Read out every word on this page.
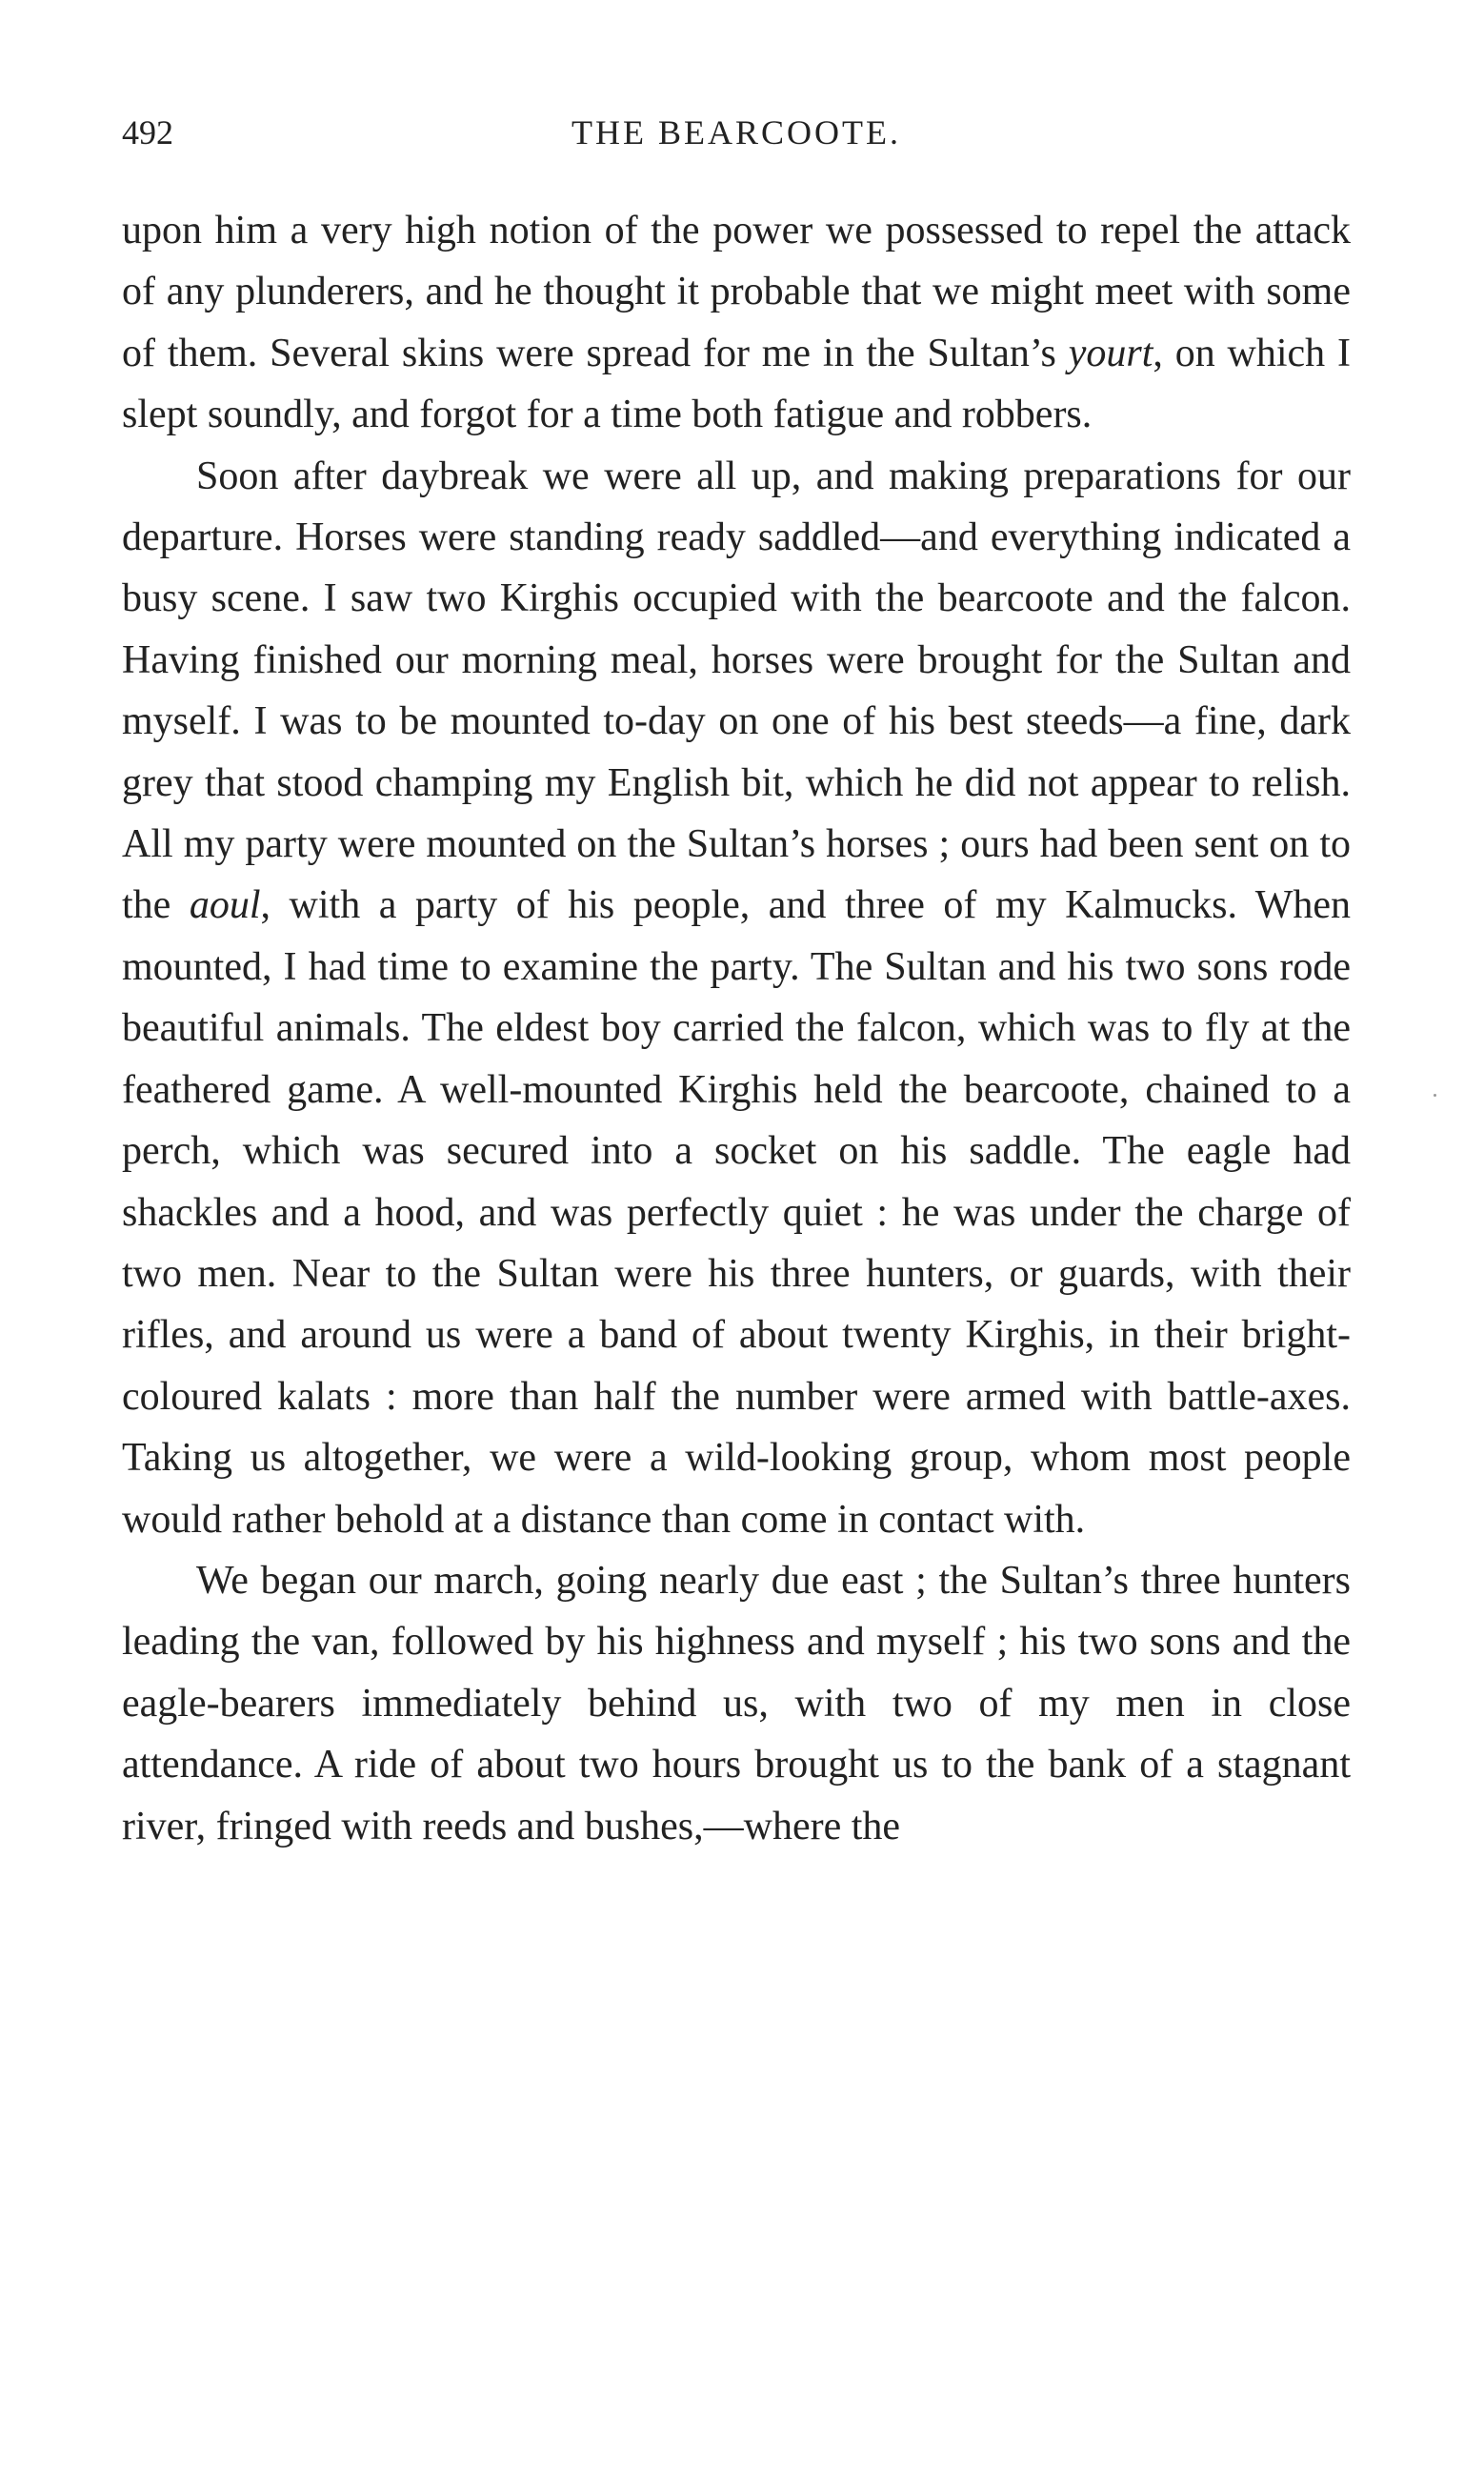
492	THE BEARCOOTE.

upon him a very high notion of the power we possessed to repel the attack of any plunderers, and he thought it probable that we might meet with some of them. Several skins were spread for me in the Sultan’s yourt, on which I slept soundly, and forgot for a time both fatigue and robbers.

Soon after daybreak we were all up, and making preparations for our departure. Horses were standing ready saddled—and everything indicated a busy scene. I saw two Kirghis occupied with the bearcoote and the falcon. Having finished our morning meal, horses were brought for the Sultan and myself. I was to be mounted to-day on one of his best steeds—a fine, dark grey that stood champing my English bit, which he did not appear to relish. All my party were mounted on the Sultan’s horses ; ours had been sent on to the aoul, with a party of his people, and three of my Kalmucks. When mounted, I had time to examine the party. The Sultan and his two sons rode beautiful animals. The eldest boy carried the falcon, which was to fly at the feathered game. A well-mounted Kirghis held the bearcoote, chained to a perch, which was secured into a socket on his saddle. The eagle had shackles and a hood, and was perfectly quiet : he was under the charge of two men. Near to the Sultan were his three hunters, or guards, with their rifles, and around us were a band of about twenty Kirghis, in their bright-coloured kalats : more than half the number were armed with battle-axes. Taking us altogether, we were a wild-looking group, whom most people would rather behold at a distance than come in contact with.

We began our march, going nearly due east ; the Sultan’s three hunters leading the van, followed by his highness and myself ; his two sons and the eagle-bearers immediately behind us, with two of my men in close attendance. A ride of about two hours brought us to the bank of a stagnant river, fringed with reeds and bushes,—where the
